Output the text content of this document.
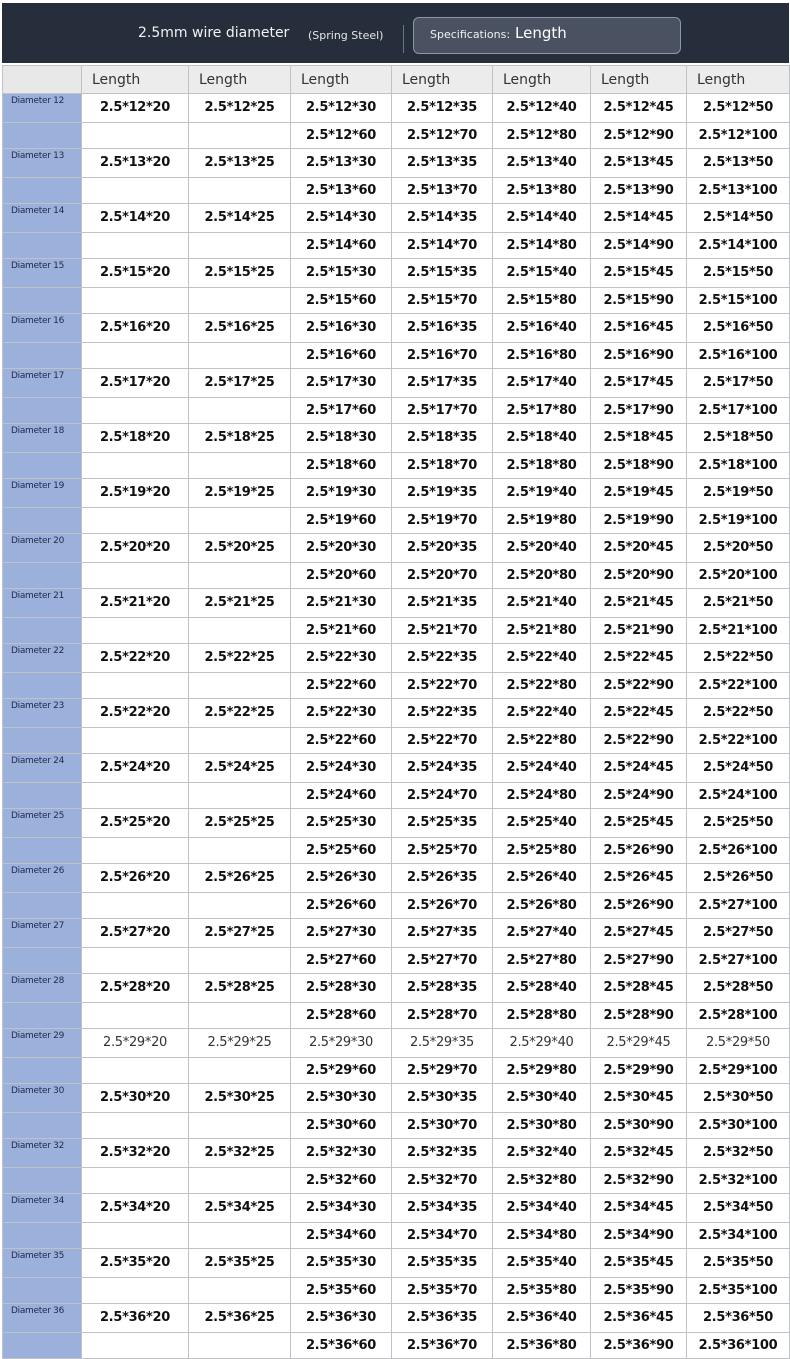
2.5mm wire diameter (Spring Steel)	Specifications: Length
	Length	Length	Length	Length	Length	Length	Length
Diameter 12	2.5*12*20	2.5*12*25	2.5*12*30	2.5*12*35	2.5*12*40	2.5*12*45	2.5*12*50
			2.5*12*60	2.5*12*70	2.5*12*80	2.5*12*90	2.5*12*100
Diameter 13	2.5*13*20	2.5*13*25	2.5*13*30	2.5*13*35	2.5*13*40	2.5*13*45	2.5*13*50
			2.5*13*60	2.5*13*70	2.5*13*80	2.5*13*90	2.5*13*100
Diameter 14	2.5*14*20	2.5*14*25	2.5*14*30	2.5*14*35	2.5*14*40	2.5*14*45	2.5*14*50
			2.5*14*60	2.5*14*70	2.5*14*80	2.5*14*90	2.5*14*100
Diameter 15	2.5*15*20	2.5*15*25	2.5*15*30	2.5*15*35	2.5*15*40	2.5*15*45	2.5*15*50
			2.5*15*60	2.5*15*70	2.5*15*80	2.5*15*90	2.5*15*100
Diameter 16	2.5*16*20	2.5*16*25	2.5*16*30	2.5*16*35	2.5*16*40	2.5*16*45	2.5*16*50
			2.5*16*60	2.5*16*70	2.5*16*80	2.5*16*90	2.5*16*100
Diameter 17	2.5*17*20	2.5*17*25	2.5*17*30	2.5*17*35	2.5*17*40	2.5*17*45	2.5*17*50
			2.5*17*60	2.5*17*70	2.5*17*80	2.5*17*90	2.5*17*100
Diameter 18	2.5*18*20	2.5*18*25	2.5*18*30	2.5*18*35	2.5*18*40	2.5*18*45	2.5*18*50
			2.5*18*60	2.5*18*70	2.5*18*80	2.5*18*90	2.5*18*100
Diameter 19	2.5*19*20	2.5*19*25	2.5*19*30	2.5*19*35	2.5*19*40	2.5*19*45	2.5*19*50
			2.5*19*60	2.5*19*70	2.5*19*80	2.5*19*90	2.5*19*100
Diameter 20	2.5*20*20	2.5*20*25	2.5*20*30	2.5*20*35	2.5*20*40	2.5*20*45	2.5*20*50
			2.5*20*60	2.5*20*70	2.5*20*80	2.5*20*90	2.5*20*100
Diameter 21	2.5*21*20	2.5*21*25	2.5*21*30	2.5*21*35	2.5*21*40	2.5*21*45	2.5*21*50
			2.5*21*60	2.5*21*70	2.5*21*80	2.5*21*90	2.5*21*100
Diameter 22	2.5*22*20	2.5*22*25	2.5*22*30	2.5*22*35	2.5*22*40	2.5*22*45	2.5*22*50
			2.5*22*60	2.5*22*70	2.5*22*80	2.5*22*90	2.5*22*100
Diameter 23	2.5*22*20	2.5*22*25	2.5*22*30	2.5*22*35	2.5*22*40	2.5*22*45	2.5*22*50
			2.5*22*60	2.5*22*70	2.5*22*80	2.5*22*90	2.5*22*100
Diameter 24	2.5*24*20	2.5*24*25	2.5*24*30	2.5*24*35	2.5*24*40	2.5*24*45	2.5*24*50
			2.5*24*60	2.5*24*70	2.5*24*80	2.5*24*90	2.5*24*100
Diameter 25	2.5*25*20	2.5*25*25	2.5*25*30	2.5*25*35	2.5*25*40	2.5*25*45	2.5*25*50
			2.5*25*60	2.5*25*70	2.5*25*80	2.5*26*90	2.5*26*100
Diameter 26	2.5*26*20	2.5*26*25	2.5*26*30	2.5*26*35	2.5*26*40	2.5*26*45	2.5*26*50
			2.5*26*60	2.5*26*70	2.5*26*80	2.5*26*90	2.5*27*100
Diameter 27	2.5*27*20	2.5*27*25	2.5*27*30	2.5*27*35	2.5*27*40	2.5*27*45	2.5*27*50
			2.5*27*60	2.5*27*70	2.5*27*80	2.5*27*90	2.5*27*100
Diameter 28	2.5*28*20	2.5*28*25	2.5*28*30	2.5*28*35	2.5*28*40	2.5*28*45	2.5*28*50
			2.5*28*60	2.5*28*70	2.5*28*80	2.5*28*90	2.5*28*100
Diameter 29	2.5*29*20	2.5*29*25	2.5*29*30	2.5*29*35	2.5*29*40	2.5*29*45	2.5*29*50
			2.5*29*60	2.5*29*70	2.5*29*80	2.5*29*90	2.5*29*100
Diameter 30	2.5*30*20	2.5*30*25	2.5*30*30	2.5*30*35	2.5*30*40	2.5*30*45	2.5*30*50
			2.5*30*60	2.5*30*70	2.5*30*80	2.5*30*90	2.5*30*100
Diameter 32	2.5*32*20	2.5*32*25	2.5*32*30	2.5*32*35	2.5*32*40	2.5*32*45	2.5*32*50
			2.5*32*60	2.5*32*70	2.5*32*80	2.5*32*90	2.5*32*100
Diameter 34	2.5*34*20	2.5*34*25	2.5*34*30	2.5*34*35	2.5*34*40	2.5*34*45	2.5*34*50
			2.5*34*60	2.5*34*70	2.5*34*80	2.5*34*90	2.5*34*100
Diameter 35	2.5*35*20	2.5*35*25	2.5*35*30	2.5*35*35	2.5*35*40	2.5*35*45	2.5*35*50
			2.5*35*60	2.5*35*70	2.5*35*80	2.5*35*90	2.5*35*100
Diameter 36	2.5*36*20	2.5*36*25	2.5*36*30	2.5*36*35	2.5*36*40	2.5*36*45	2.5*36*50
			2.5*36*60	2.5*36*70	2.5*36*80	2.5*36*90	2.5*36*100
